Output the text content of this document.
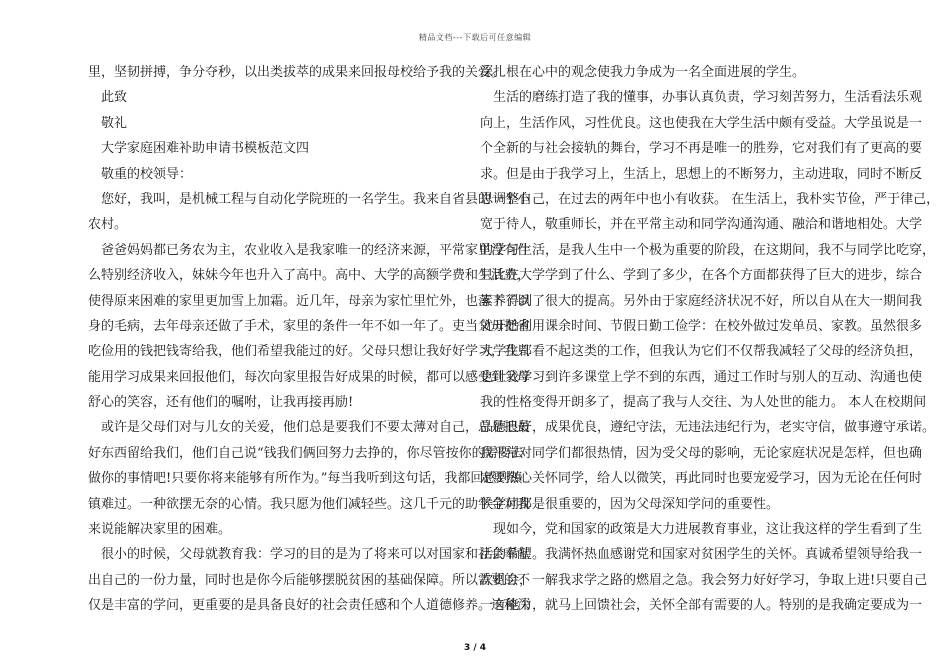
精品文档---下载后可任意编辑
里，坚韧拼搏，争分夺秒，以出类拔萃的成果来回报母校给予我的关爱。
　此致
　敬礼
　大学家庭困难补助申请书模板范文四
　敬重的校领导：
　您好，我叫，是机械工程与自动化学院班的一名学生。我来自省县的一个小
农村。
　爸爸妈妈都已务农为主，农业收入是我家唯一的经济来源，平常家里没有什
么特别经济收入，妹妹今年也升入了高中。高中、大学的高额学费和生活费，
使得原来困难的家里更加雪上加霜。近几年，母亲为家忙里忙外，也落下了以
身的毛病，去年母亲还做了手术，家里的条件一年不如一年了。吏当父母把省
吃俭用的钱把钱寄给我，他们希望我能过的好。父母只想让我好好学习，我只
能用学习成果来回报他们，每次向家里报告好成果的时候，都可以感受到父母
舒心的笑容，还有他们的嘱咐，让我再接再励!
　或许是父母们对与儿女的关爱，他们总是要我们不要太薄对自己，总是把最
好东西留给我们，他们自己说“钱我们俩回努力去挣的，你尽管按你的需要去
做你的事情吧!只要你将来能够有所作为。”每当我听到这句话，我都回感到镇
镇难过。一种欲摆无奈的心情。我只愿为他们减轻些。这几千元的助学金对我
来说能解决家里的困难。
　很小的时候，父母就教育我：学习的目的是为了将来可以对国家和社会奉献
出自己的一份力量，同时也是你今后能够摆脱贫困的基础保障。所以需要的不
仅是丰富的学问，更重要的是具备良好的社会责任感和个人道德修养。这种深
深扎根在心中的观念使我力争成为一名全面进展的学生。
　生活的磨练打造了我的懂事，办事认真负责，学习刻苦努力，生活看法乐观
向上，生活作风，习性优良。这也使我在大学生活中颇有受益。大学虽说是一
个全新的与社会接轨的舞台，学习不再是唯一的胜券，它对我们有了更高的要
求。但是由于我学习上，生活上，思想上的不断努力，主动进取，同时不断反
思调整自己，在过去的两年中也小有收获。 在生活上，我朴实节俭，严于律己，
宽于待人，敬重师长，并在平常主动和同学沟通沟通、融洽和谐地相处。大学
的学习生活，是我人生中一个极为重要的阶段，在这期间，我不与同学比吃穿，
只比在大学学到了什么、学到了多少，在各个方面都获得了巨大的进步，综合
素养得到了很大的提高。另外由于家庭经济状况不好，所以自从在大一期间我
就开始利用课余时间、节假日勤工俭学：在校外做过发单员、家教。虽然很多
大学生都看不起这类的工作，但我认为它们不仅帮我减轻了父母的经济负担，
也让我学习到许多课堂上学不到的东西，通过工作时与别人的互动、沟通也使
我的性格变得开朗多了，提高了我与人交往、为人处世的能力。 本人在校期间
品德良好，成果优良，遵纪守法，无违法违纪行为，老实守信，做事遵守承诺。
我平常对同学们都很热情，因为受父母的影响，无论家庭状况是怎样，但也确
定要热心关怀同学，给人以微笑，再此同时也要宠爱学习，因为无论在任何时
候学问都是很重要的，因为父母深知学问的重要性。
　现如今，党和国家的政策是大力进展教育事业，这让我这样的学生看到了生
活的希望。我满怀热血感谢党和国家对贫困学生的关怀。真诚希望领导给我一
次机会，一解我求学之路的燃眉之急。我会努力好好学习，争取上进!只要自己
一有能力，就马上回馈社会，关怀全部有需要的人。特别的是我确定要成为一
3 / 4
